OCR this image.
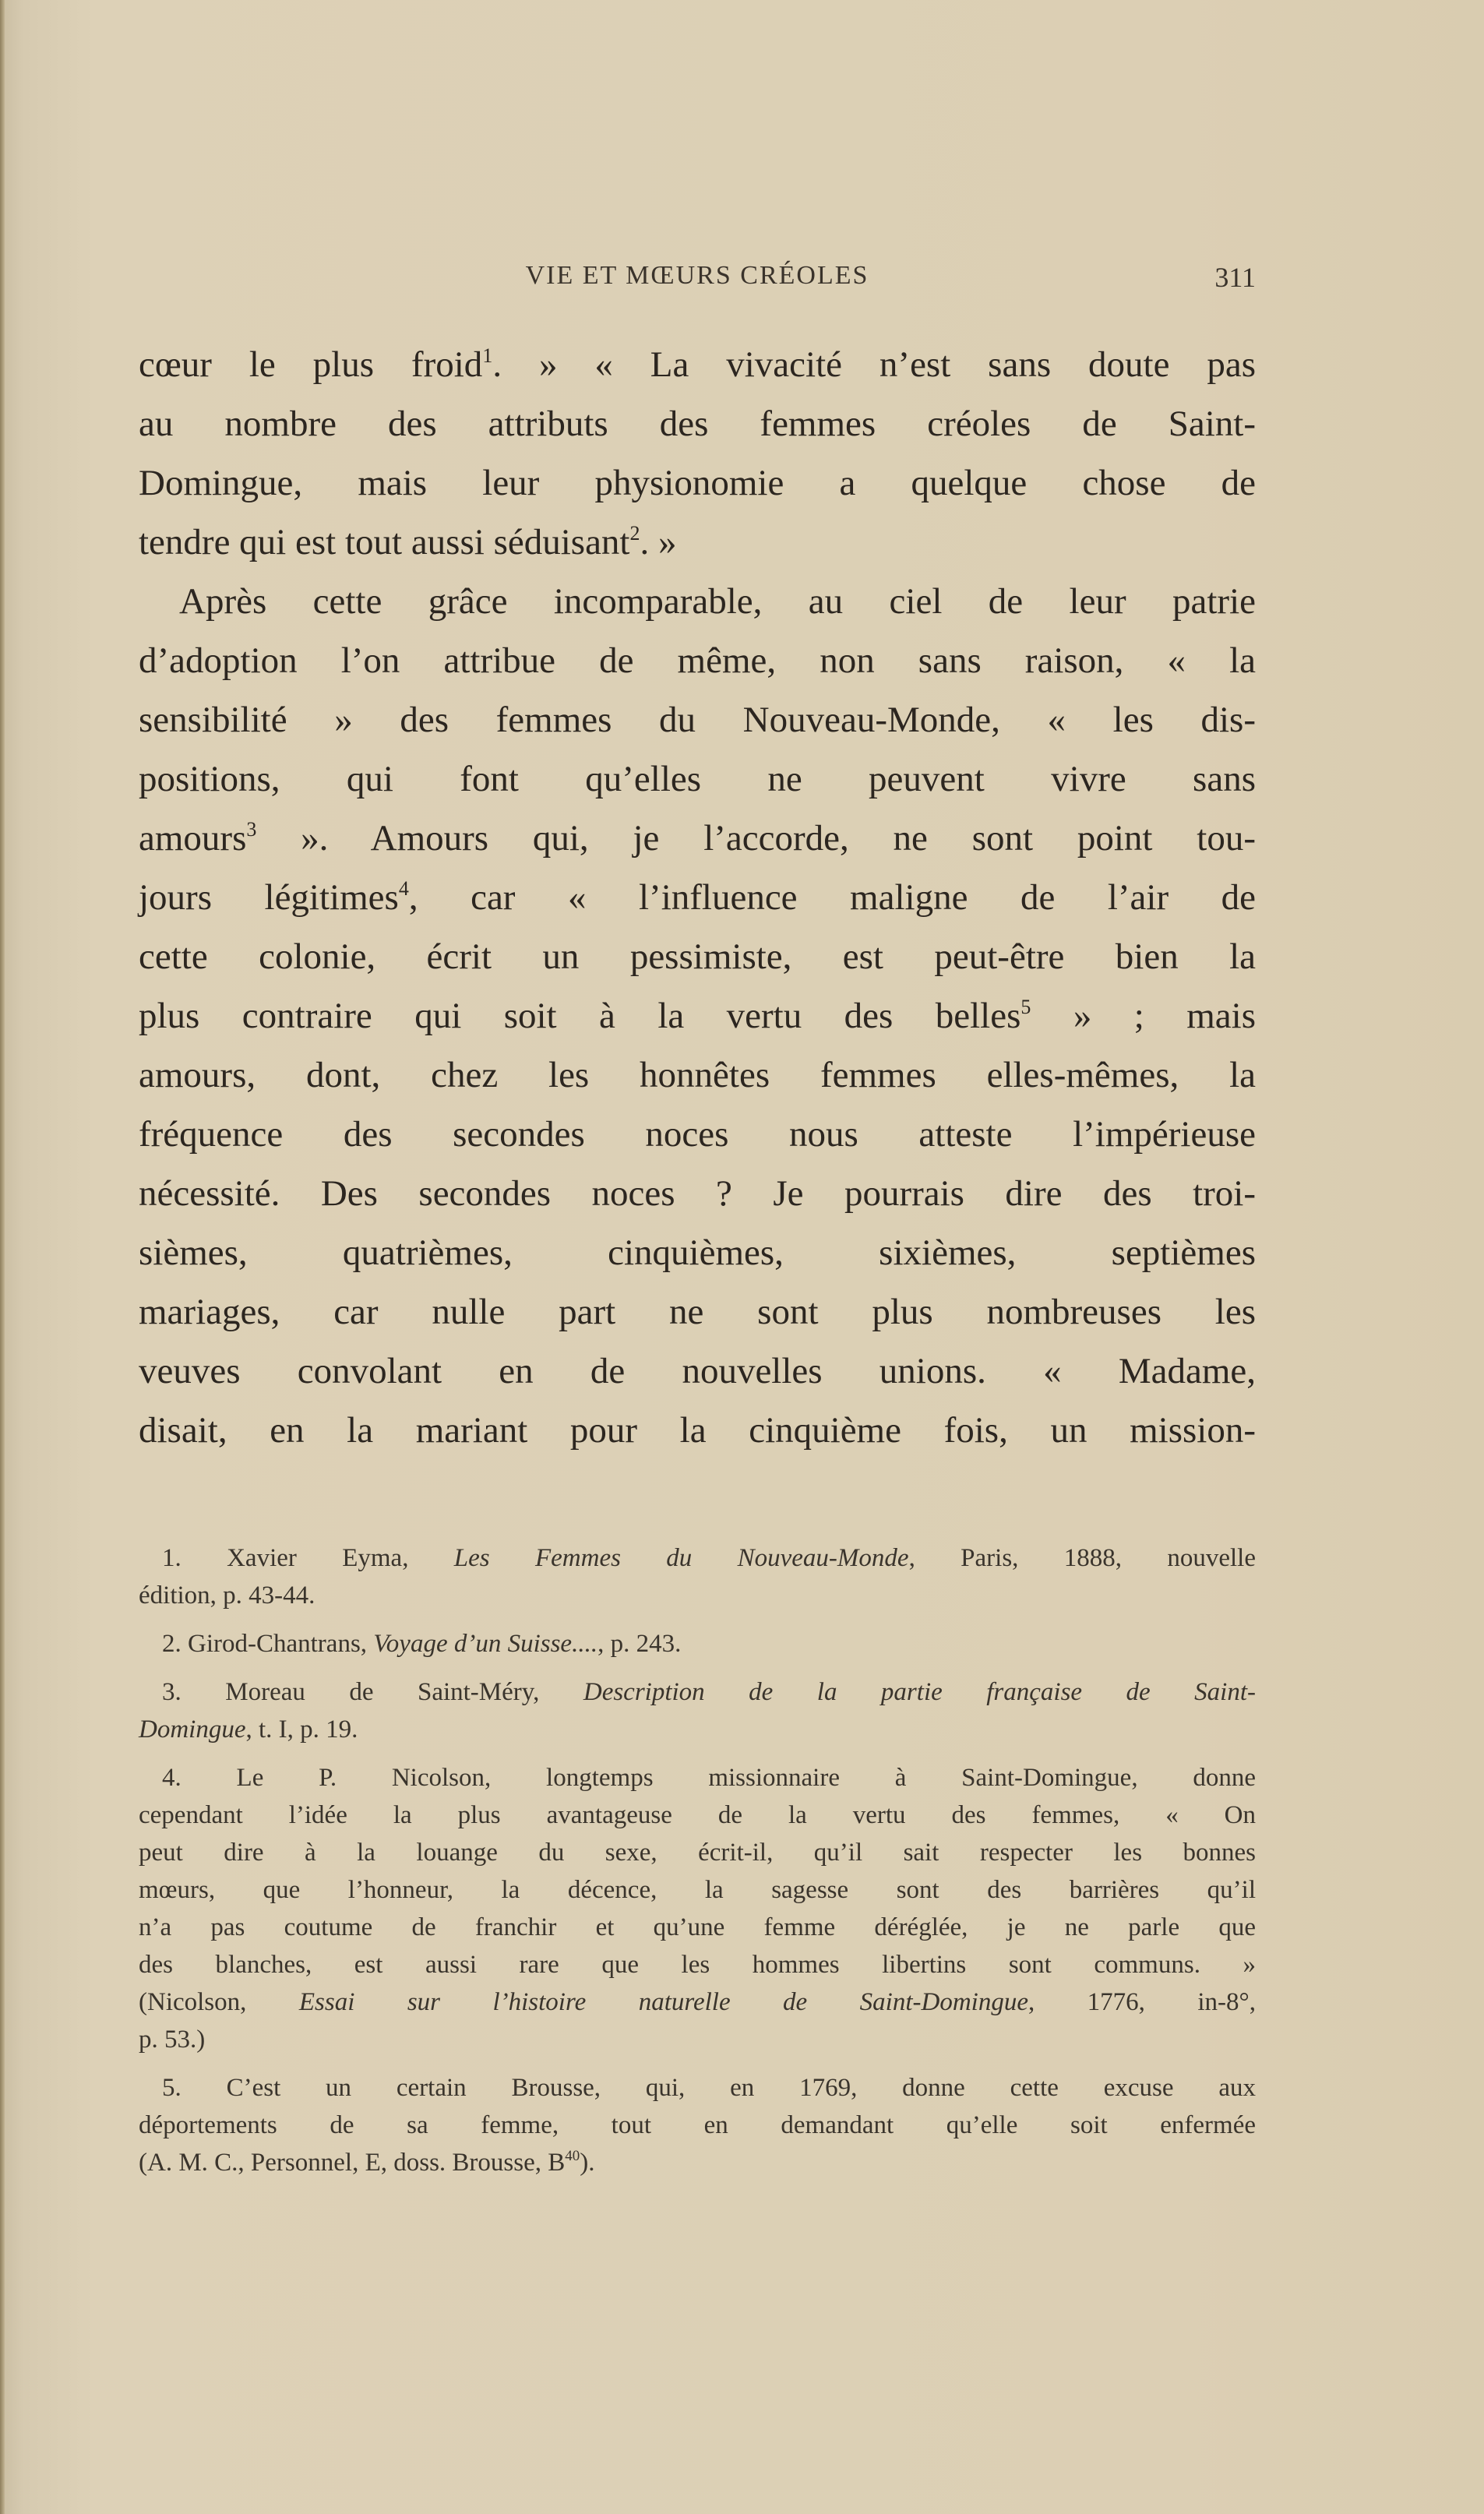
VIE ET MŒURS CRÉOLES	311
cœur le plus froid$^1$. » « La vivacité n’est sans doute pas
au nombre des attributs des femmes créoles de Saint-
Domingue, mais leur physionomie a quelque chose de
tendre qui est tout aussi séduisant$^2$. »
Après cette grâce incomparable, au ciel de leur patrie
d’adoption l’on attribue de même, non sans raison, « la
sensibilité » des femmes du Nouveau-Monde, « les dis-
positions, qui font qu’elles ne peuvent vivre sans
amours$^3$ ». Amours qui, je l’accorde, ne sont point tou-
jours légitimes$^4$, car « l’influence maligne de l’air de
cette colonie, écrit un pessimiste, est peut-être bien la
plus contraire qui soit à la vertu des belles$^5$ » ; mais
amours, dont, chez les honnêtes femmes elles-mêmes, la
fréquence des secondes noces nous atteste l’impérieuse
nécessité. Des secondes noces ? Je pourrais dire des troi-
sièmes, quatrièmes, cinquièmes, sixièmes, septièmes
mariages, car nulle part ne sont plus nombreuses les
veuves convolant en de nouvelles unions. « Madame,
disait, en la mariant pour la cinquième fois, un mission-
1. Xavier Eyma, Les Femmes du Nouveau-Monde, Paris, 1888, nouvelle
édition, p. 43-44.
2. Girod-Chantrans, Voyage d’un Suisse...., p. 243.
3. Moreau de Saint-Méry, Description de la partie française de Saint-
Domingue, t. I, p. 19.
4. Le P. Nicolson, longtemps missionnaire à Saint-Domingue, donne
cependant l’idée la plus avantageuse de la vertu des femmes, « On
peut dire à la louange du sexe, écrit-il, qu’il sait respecter les bonnes
mœurs, que l’honneur, la décence, la sagesse sont des barrières qu’il
n’a pas coutume de franchir et qu’une femme déréglée, je ne parle que
des blanches, est aussi rare que les hommes libertins sont communs. »
(Nicolson, Essai sur l’histoire naturelle de Saint-Domingue, 1776, in-8°,
p. 53.)
5. C’est un certain Brousse, qui, en 1769, donne cette excuse aux
déportements de sa femme, tout en demandant qu’elle soit enfermée
(A. M. C., Personnel, E, doss. Brousse, $B^{40}$).
